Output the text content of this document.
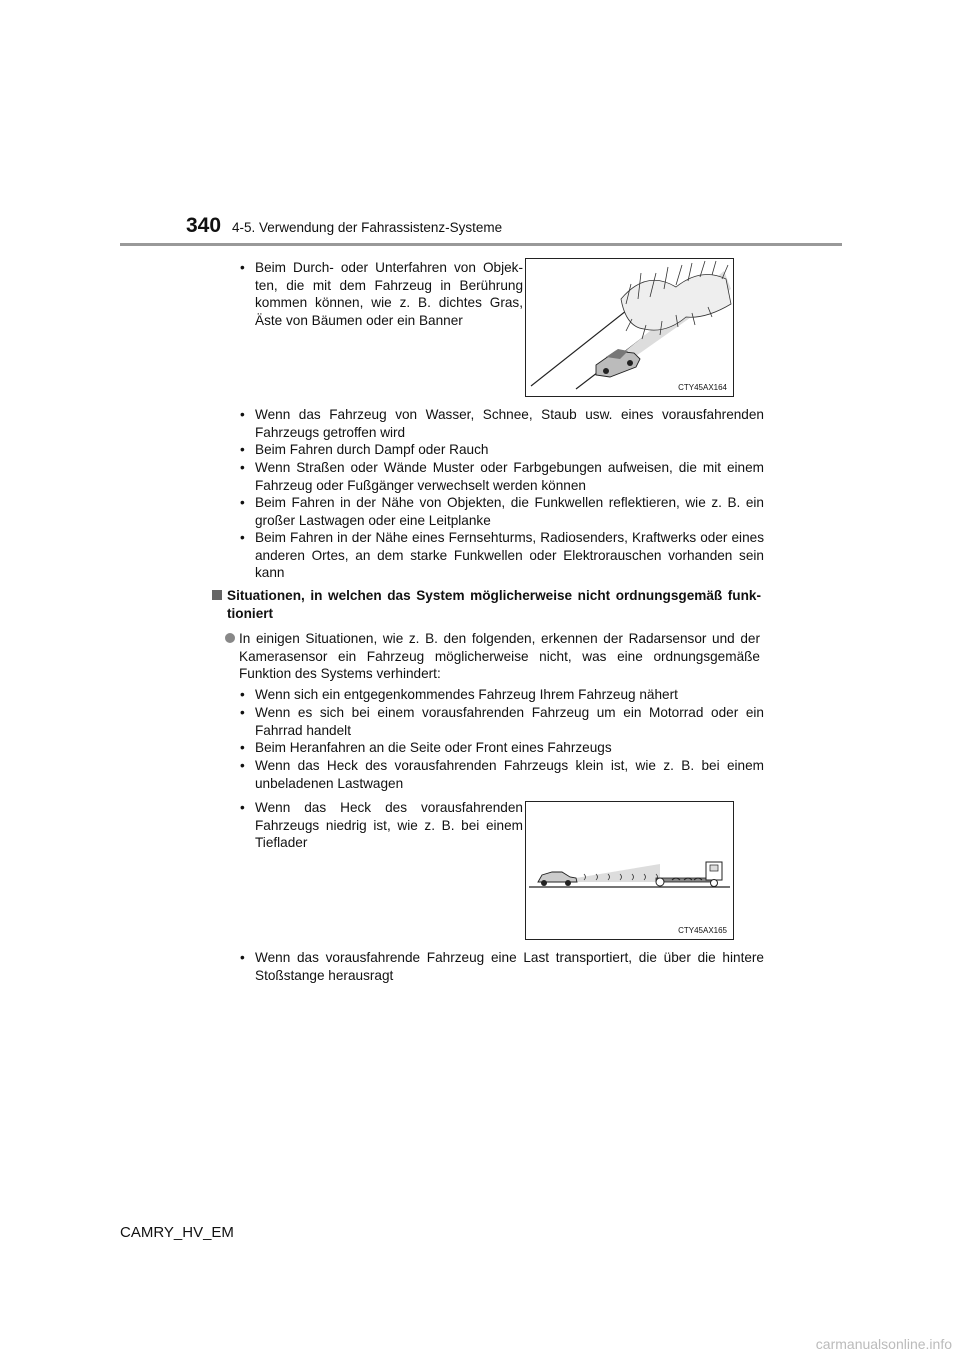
340 4-5. Verwendung der Fahrassistenz-Systeme
• Beim Durch- oder Unterfahren von Objek-ten, die mit dem Fahrzeug in Berührung kommen können, wie z. B. dichtes Gras, Äste von Bäumen oder ein Banner
CTY45AX164
• Wenn das Fahrzeug von Wasser, Schnee, Staub usw. eines vorausfahrenden Fahrzeugs getroffen wird
• Beim Fahren durch Dampf oder Rauch
• Wenn Straßen oder Wände Muster oder Farbgebungen aufweisen, die mit einem Fahrzeug oder Fußgänger verwechselt werden können
• Beim Fahren in der Nähe von Objekten, die Funkwellen reflektieren, wie z. B. ein großer Lastwagen oder eine Leitplanke
• Beim Fahren in der Nähe eines Fernsehturms, Radiosenders, Kraftwerks oder eines anderen Ortes, an dem starke Funkwellen oder Elektrorauschen vorhanden sein kann
Situationen, in welchen das System möglicherweise nicht ordnungsgemäß funk-tioniert
In einigen Situationen, wie z. B. den folgenden, erkennen der Radarsensor und der Kamerasensor ein Fahrzeug möglicherweise nicht, was eine ordnungsgemäße Funktion des Systems verhindert:
• Wenn sich ein entgegenkommendes Fahrzeug Ihrem Fahrzeug nähert
• Wenn es sich bei einem vorausfahrenden Fahrzeug um ein Motorrad oder ein Fahrrad handelt
• Beim Heranfahren an die Seite oder Front eines Fahrzeugs
• Wenn das Heck des vorausfahrenden Fahrzeugs klein ist, wie z. B. bei einem unbeladenen Lastwagen
• Wenn das Heck des vorausfahrenden Fahrzeugs niedrig ist, wie z. B. bei einem Tieflader
CTY45AX165
• Wenn das vorausfahrende Fahrzeug eine Last transportiert, die über die hintere Stoßstange herausragt
CAMRY_HV_EM
carmanualsonline.info
